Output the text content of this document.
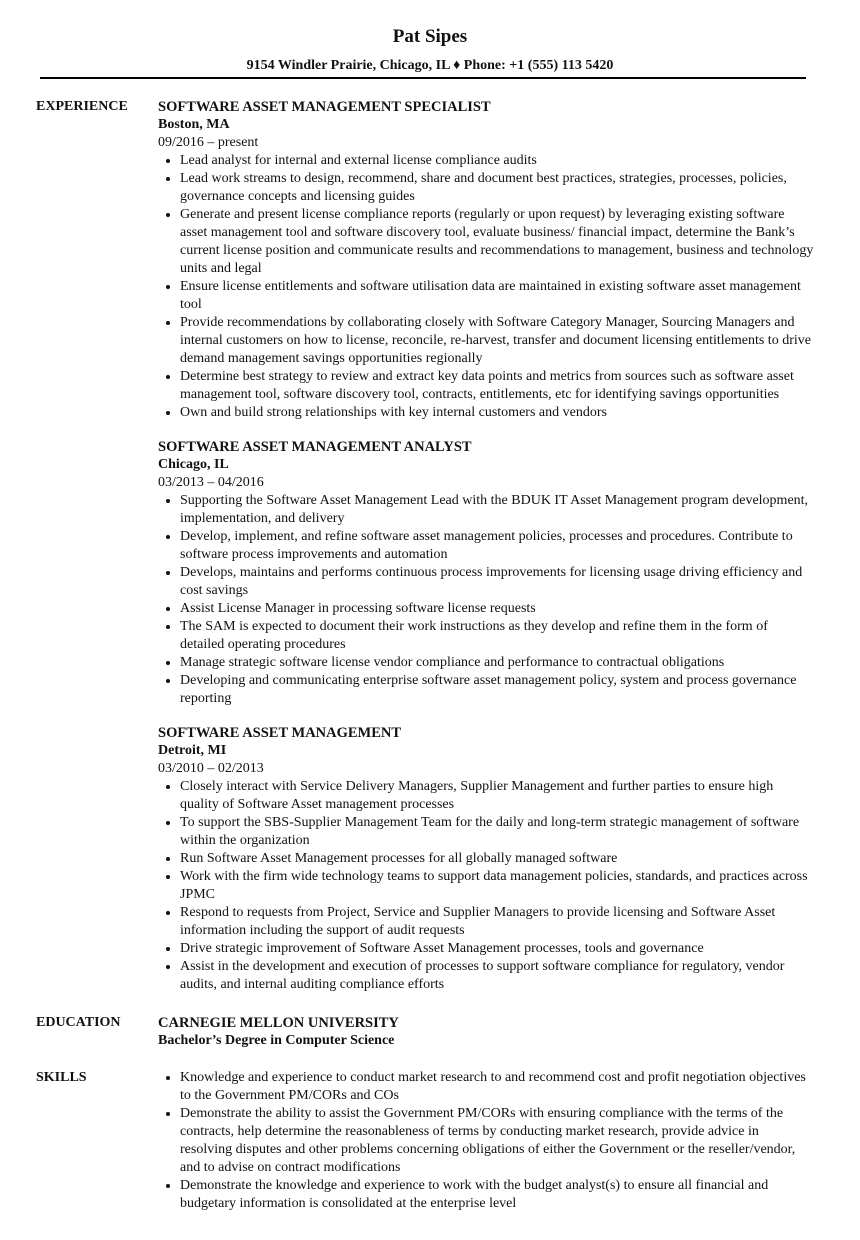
Pat Sipes
9154 Windler Prairie, Chicago, IL ♦ Phone: +1 (555) 113 5420
EXPERIENCE	SOFTWARE ASSET MANAGEMENT SPECIALIST
Boston, MA
09/2016 – present
• Lead analyst for internal and external license compliance audits
• Lead work streams to design, recommend, share and document best practices, strategies, processes, policies, governance concepts and licensing guides
• Generate and present license compliance reports (regularly or upon request) by leveraging existing software asset management tool and software discovery tool, evaluate business/ financial impact, determine the Bank’s current license position and communicate results and recommendations to management, business and technology units and legal
• Ensure license entitlements and software utilisation data are maintained in existing software asset management tool
• Provide recommendations by collaborating closely with Software Category Manager, Sourcing Managers and internal customers on how to license, reconcile, re-harvest, transfer and document licensing entitlements to drive demand management savings opportunities regionally
• Determine best strategy to review and extract key data points and metrics from sources such as software asset management tool, software discovery tool, contracts, entitlements, etc for identifying savings opportunities
• Own and build strong relationships with key internal customers and vendors
SOFTWARE ASSET MANAGEMENT ANALYST
Chicago, IL
03/2013 – 04/2016
• Supporting the Software Asset Management Lead with the BDUK IT Asset Management program development, implementation, and delivery
• Develop, implement, and refine software asset management policies, processes and procedures. Contribute to software process improvements and automation
• Develops, maintains and performs continuous process improvements for licensing usage driving efficiency and cost savings
• Assist License Manager in processing software license requests
• The SAM is expected to document their work instructions as they develop and refine them in the form of detailed operating procedures
• Manage strategic software license vendor compliance and performance to contractual obligations
• Developing and communicating enterprise software asset management policy, system and process governance reporting
SOFTWARE ASSET MANAGEMENT
Detroit, MI
03/2010 – 02/2013
• Closely interact with Service Delivery Managers, Supplier Management and further parties to ensure high quality of Software Asset management processes
• To support the SBS-Supplier Management Team for the daily and long-term strategic management of software within the organization
• Run Software Asset Management processes for all globally managed software
• Work with the firm wide technology teams to support data management policies, standards, and practices across JPMC
• Respond to requests from Project, Service and Supplier Managers to provide licensing and Software Asset information including the support of audit requests
• Drive strategic improvement of Software Asset Management processes, tools and governance
• Assist in the development and execution of processes to support software compliance for regulatory, vendor audits, and internal auditing compliance efforts
EDUCATION	CARNEGIE MELLON UNIVERSITY
Bachelor’s Degree in Computer Science
SKILLS
•	Knowledge and experience to conduct market research to and recommend cost and profit negotiation objectives to the Government PM/CORs and COs
• Demonstrate the ability to assist the Government PM/CORs with ensuring compliance with the terms of the contracts, help determine the reasonableness of terms by conducting market research, provide advice in resolving disputes and other problems concerning obligations of either the Government or the reseller/vendor, and to advise on contract modifications
• Demonstrate the knowledge and experience to work with the budget analyst(s) to ensure all financial and budgetary information is consolidated at the enterprise level
